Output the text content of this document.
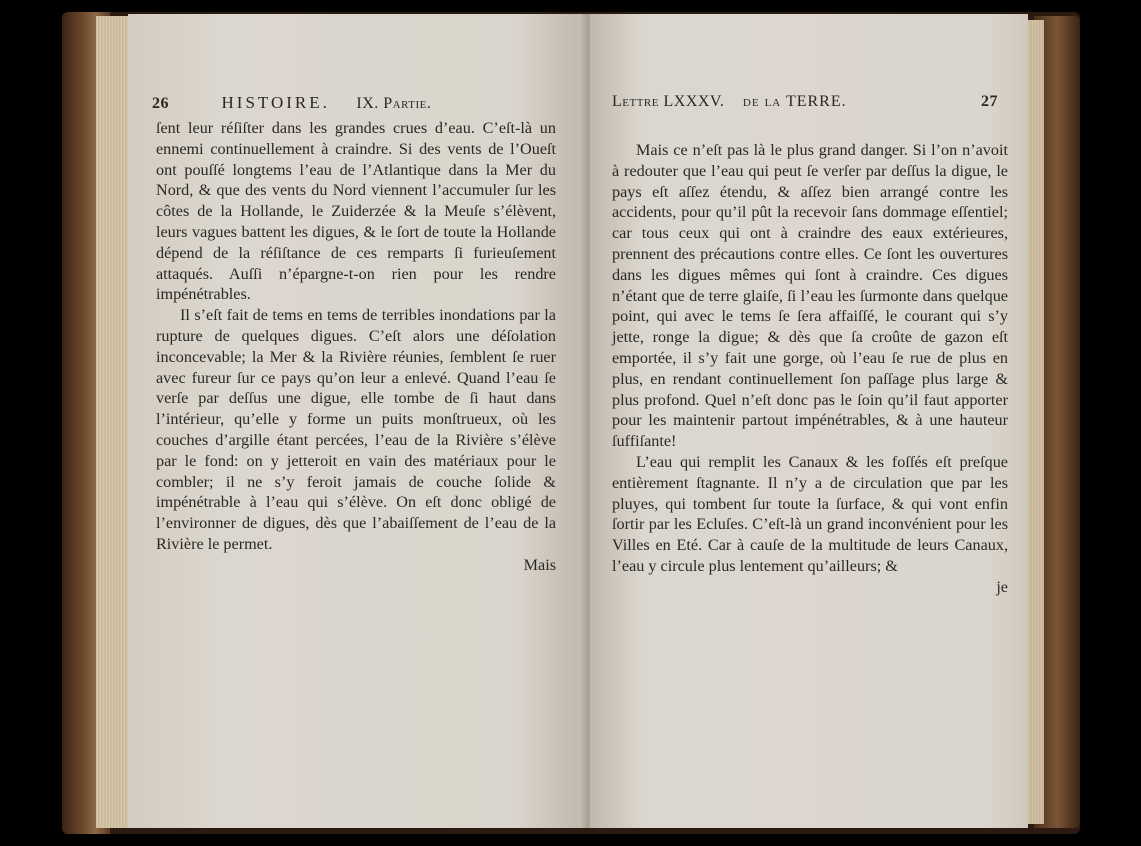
26	HISTOIRE. IX. Partie.

ſent leur réſiſter dans les grandes crues d’eau. C’eſt-là un ennemi continuellement à craindre. Si des vents de l’Oueſt ont pouſſé longtems l’eau de l’Atlantique dans la Mer du Nord, & que des vents du Nord viennent l’accumuler ſur les côtes de la Hollande, le Zuiderzée & la Meuſe s’élèvent, leurs vagues battent les digues, & le ſort de toute la Hollande dépend de la réſiſtance de ces remparts ſi furieuſement attaqués. Auſſi n’épargne-t-on rien pour les rendre impénétrables.

Il s’eſt fait de tems en tems de terribles inondations par la rupture de quelques digues. C’eſt alors une déſolation inconcevable; la Mer & la Rivière réunies, ſemblent ſe ruer avec fureur ſur ce pays qu’on leur a enlevé. Quand l’eau ſe verſe par deſſus une digue, elle tombe de ſi haut dans l’intérieur, qu’elle y forme un puits monſtrueux, où les couches d’argille étant percées, l’eau de la Rivière s’élève par le fond: on y jetteroit en vain des matériaux pour le combler; il ne s’y feroit jamais de couche ſolide & impénétrable à l’eau qui s’élève. On eſt donc obligé de l’environner de digues, dès que l’abaiſſement de l’eau de la Rivière le permet.

Mais

Lettre LXXXV. de la TERRE.	27

Mais ce n’eſt pas là le plus grand danger. Si l’on n’avoit à redouter que l’eau qui peut ſe verſer par deſſus la digue, le pays eſt aſſez étendu, & aſſez bien arrangé contre les accidents, pour qu’il pût la recevoir ſans dommage eſſentiel; car tous ceux qui ont à craindre des eaux extérieures, prennent des précautions contre elles. Ce ſont les ouvertures dans les digues mêmes qui ſont à craindre. Ces digues n’étant que de terre glaiſe, ſi l’eau les ſurmonte dans quelque point, qui avec le tems ſe ſera affaiſſé, le courant qui s’y jette, ronge la digue; & dès que ſa croûte de gazon eſt emportée, il s’y fait une gorge, où l’eau ſe rue de plus en plus, en rendant continuellement ſon paſſage plus large & plus profond. Quel n’eſt donc pas le ſoin qu’il faut apporter pour les maintenir partout impénétrables, & à une hauteur ſuffiſante!

L’eau qui remplit les Canaux & les foſſés eſt preſque entièrement ſtagnante. Il n’y a de circulation que par les pluyes, qui tombent ſur toute la ſurface, & qui vont enfin ſortir par les Ecluſes. C’eſt-là un grand inconvénient pour les Villes en Eté. Car à cauſe de la multitude de leurs Canaux, l’eau y circule plus lentement qu’ailleurs; &

je
